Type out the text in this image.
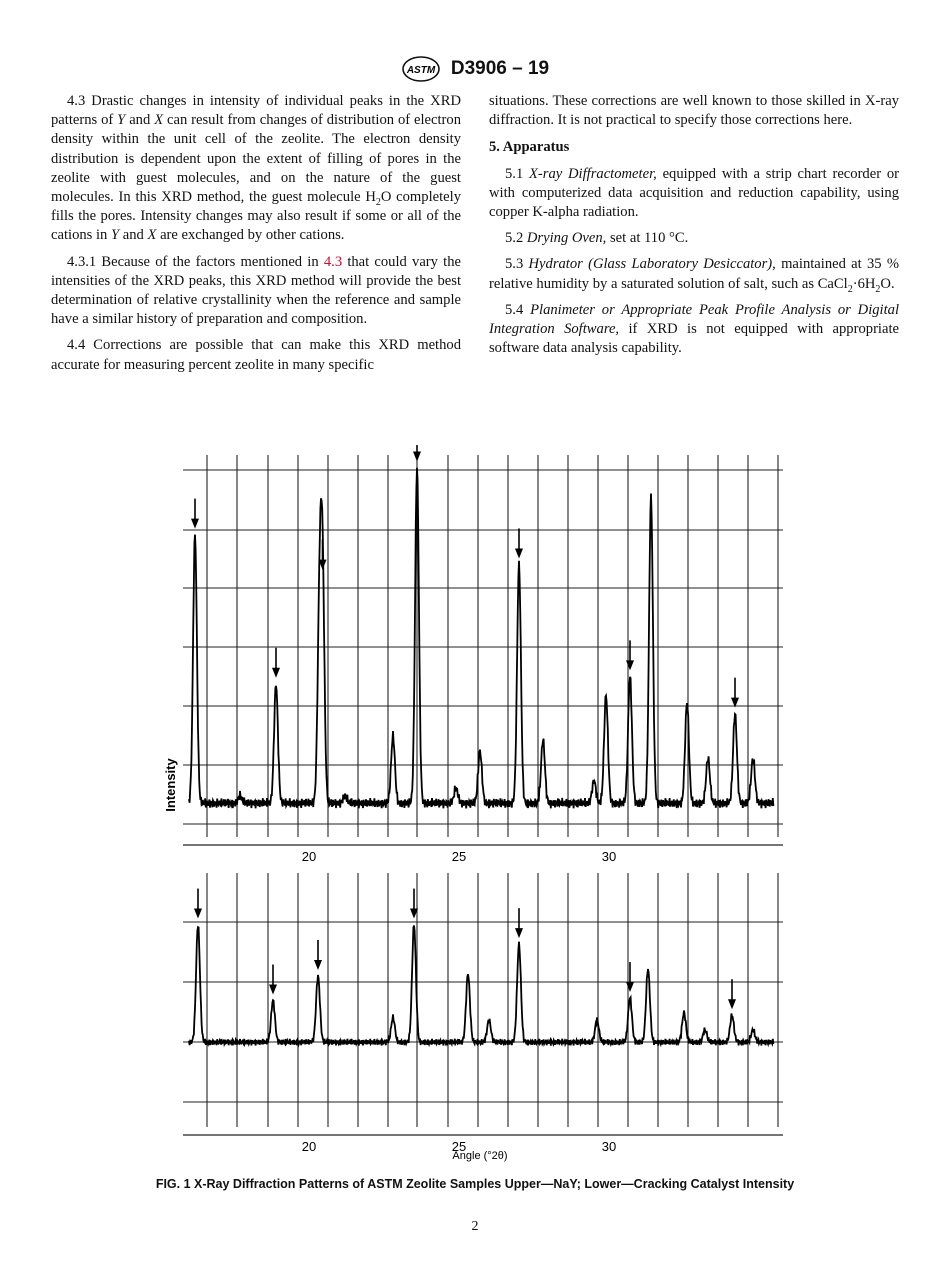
ASTM D3906 – 19

4.3 Drastic changes in intensity of individual peaks in the XRD patterns of Y and X can result from changes of distribution of electron density within the unit cell of the zeolite. The electron density distribution is dependent upon the extent of filling of pores in the zeolite with guest molecules, and on the nature of the guest molecules. In this XRD method, the guest molecule $H_2O$ completely fills the pores. Intensity changes may also result if some or all of the cations in Y and X are exchanged by other cations.

4.3.1 Because of the factors mentioned in 4.3 that could vary the intensities of the XRD peaks, this XRD method will provide the best determination of relative crystallinity when the reference and sample have a similar history of preparation and composition.

4.4 Corrections are possible that can make this XRD method accurate for measuring percent zeolite in many specific

situations. These corrections are well known to those skilled in X-ray diffraction. It is not practical to specify those corrections here.

5. Apparatus

5.1 X-ray Diffractometer, equipped with a strip chart recorder or with computerized data acquisition and reduction capability, using copper K-alpha radiation.

5.2 Drying Oven, set at 110 °C.

5.3 Hydrator (Glass Laboratory Desiccator), maintained at 35 % relative humidity by a saturated solution of salt, such as $CaCl_2\cdot 6H_2O$.

5.4 Planimeter or Appropriate Peak Profile Analysis or Digital Integration Software, if XRD is not equipped with appropriate software data analysis capability.

20	25	30
Intensity
20	25	30
Angle (°2θ)
FIG. 1 X-Ray Diffraction Patterns of ASTM Zeolite Samples Upper—NaY; Lower—Cracking Catalyst Intensity
2
